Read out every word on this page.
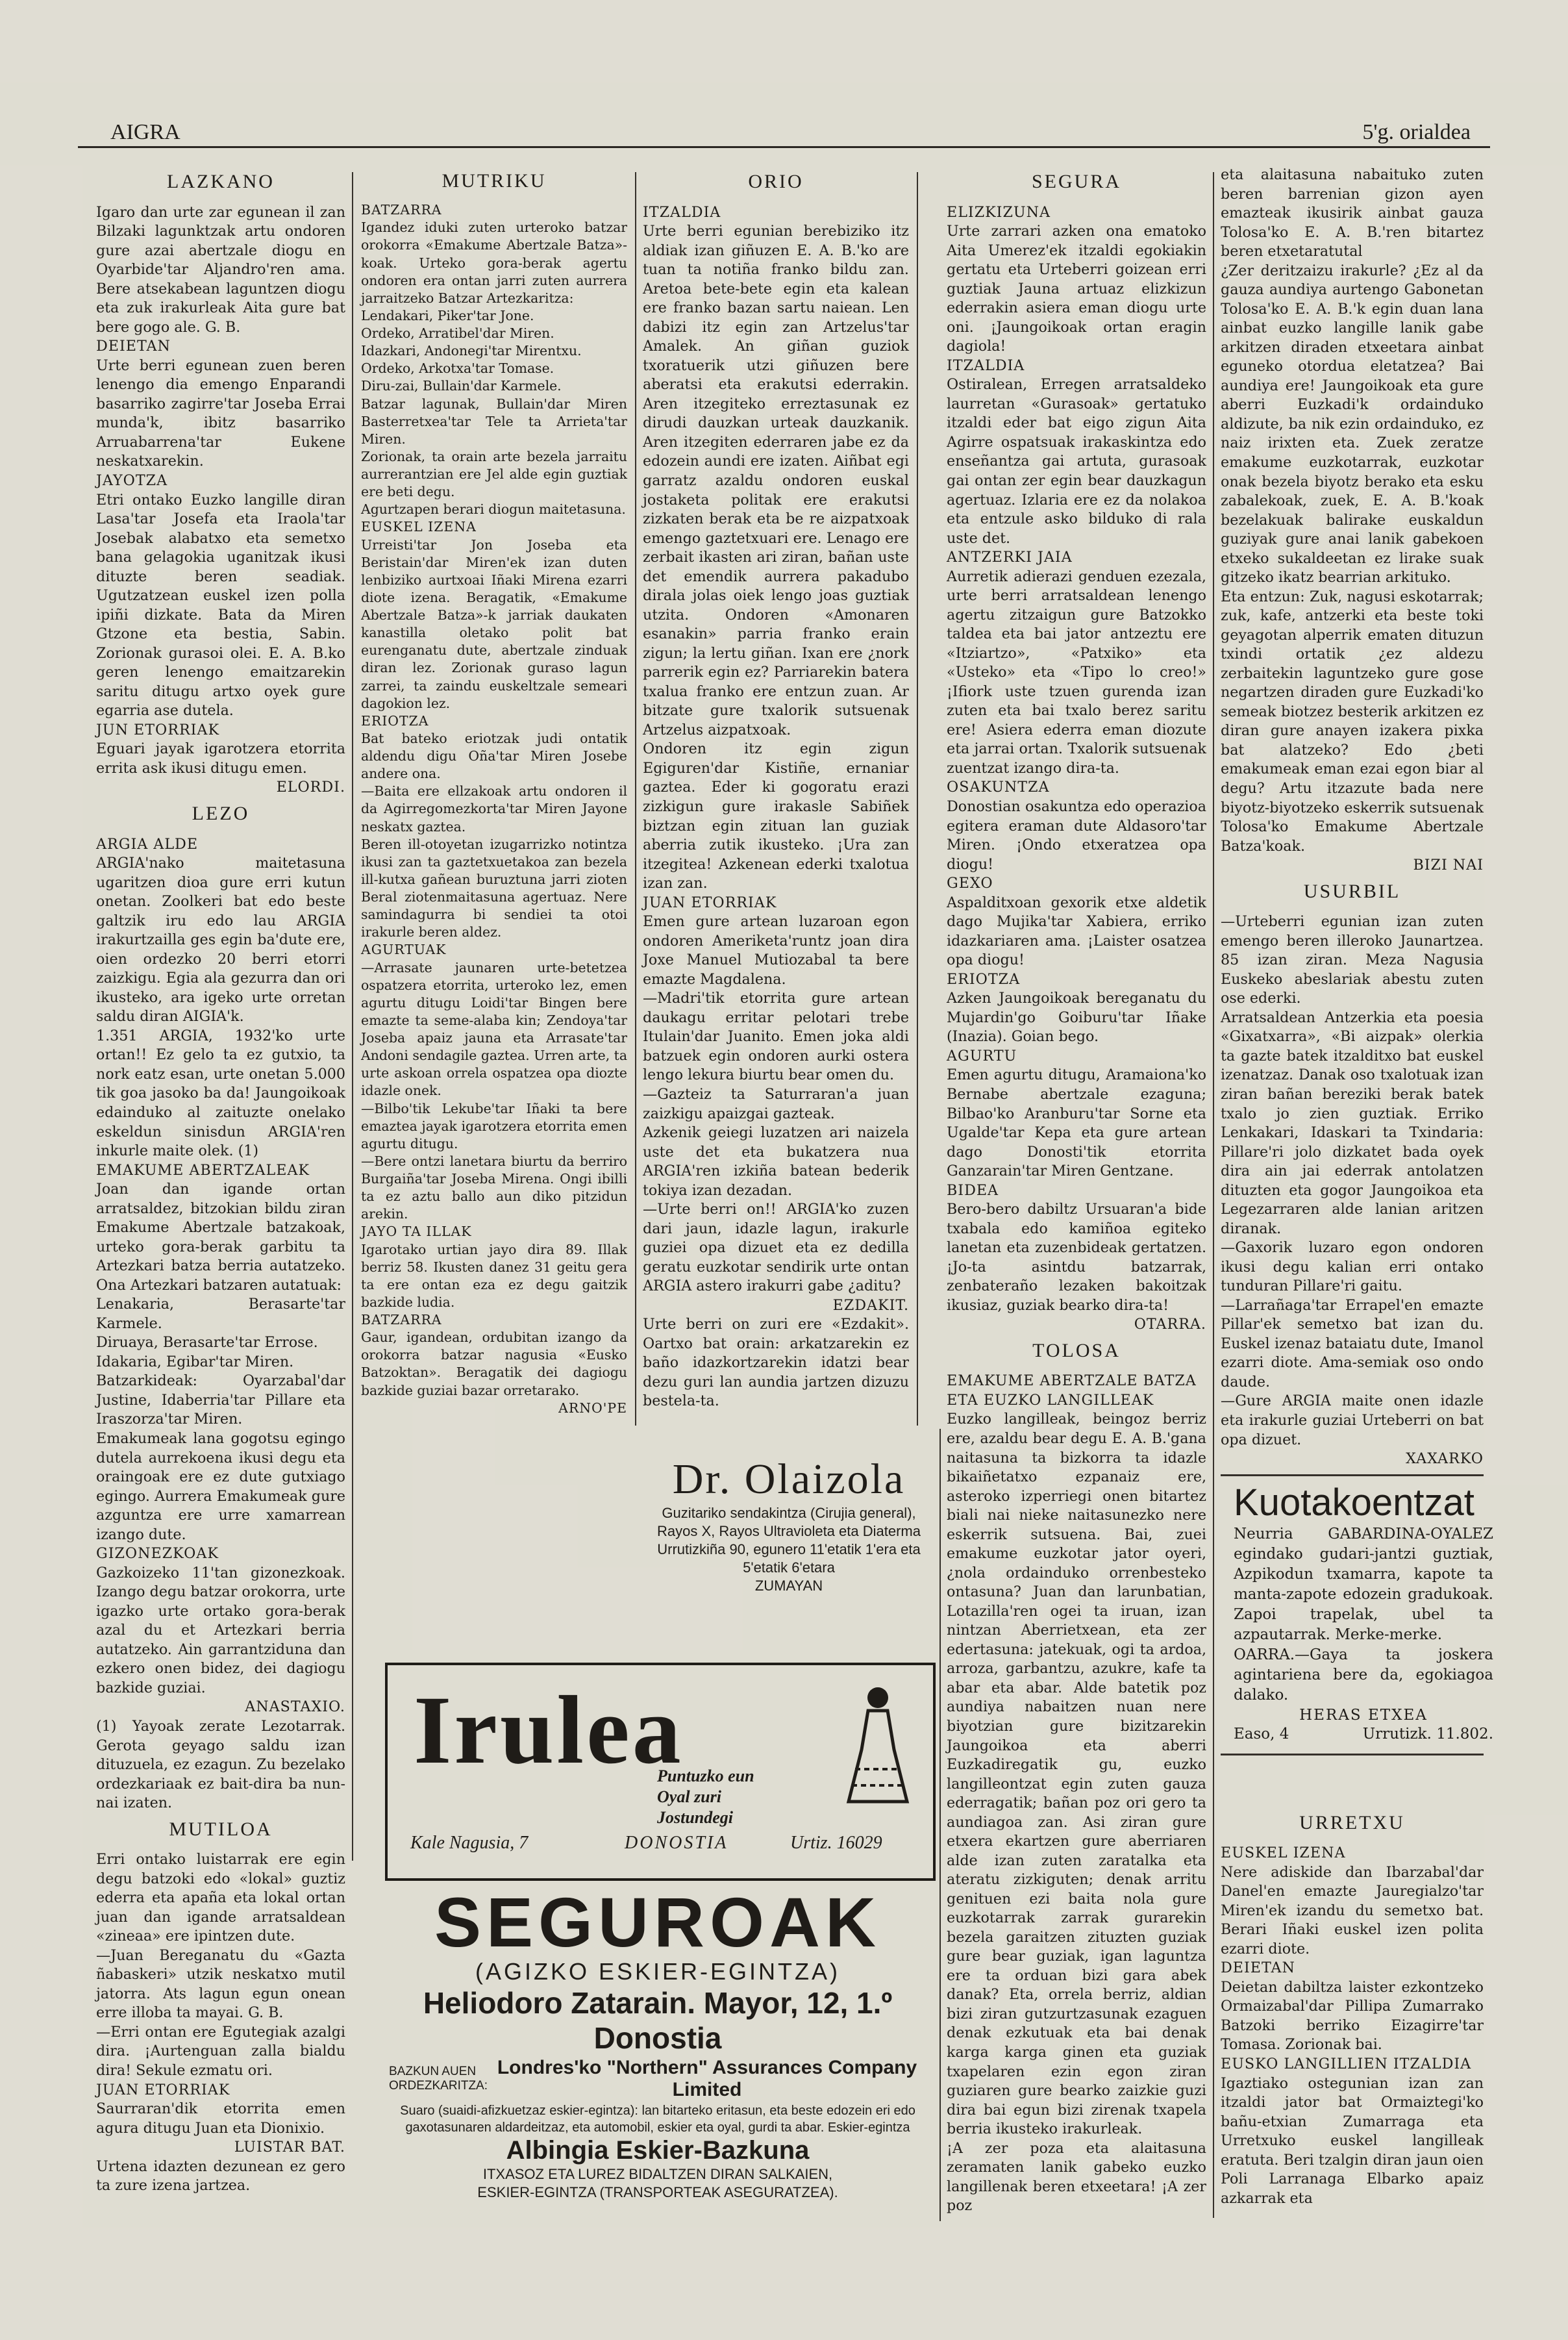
AIGRA	5'g. orialdea

LAZKANO

Igaro dan urte zar egunean il zan Bilzaki lagunktzak artu ondoren gure azai abertzale diogu en Oyarbide'tar Aljandro'ren ama. Bere atsekabean laguntzen diogu eta zuk irakurleak Aita gure bat bere gogo ale. G. B.

DEIETAN

Urte berri egunean zuen beren lenengo dia emengo Enparandi basarriko zagirre'tar Joseba Errai munda'k, ibitz basarriko Arruabarrena'tar Eukene neskatxarekin.

JAYOTZA

Etri ontako Euzko langille diran Lasa'tar Josefa eta Iraola'tar Josebak alabatxo eta semetxo bana gelagokia uganitzak ikusi dituzte beren seadiak. Ugutzatzean euskel izen polla ipiñi dizkate. Bata da Miren Gtzone eta bestia, Sabin. Zorionak gurasoi olei. E. A. B.ko geren lenengo emaitzarekin saritu ditugu artxo oyek gure egarria ase dutela.

JUN ETORRIAK

Eguari jayak igarotzera etorrita errita ask ikusi ditugu emen.

ELORDI.

LEZO

ARGIA ALDE

ARGIA'nako maitetasuna ugaritzen dioa gure erri kutun onetan. Zoolkeri bat edo beste galtzik iru edo lau ARGIA irakurtzailla ges egin ba'dute ere, oien ordezko 20 berri etorri zaizkigu. Egia ala gezurra dan ori ikusteko, ara igeko urte orretan saldu diran AIGIA'k.

1.351 ARGIA, 1932'ko urte ortan!! Ez gelo ta ez gutxio, ta nork eatz esan, urte onetan 5.000 tik goa jasoko ba da! Jaungoikoak edainduko al zaituzte onelako eskeldun sinisdun ARGIA'ren inkurle maite olek. (1)

EMAKUME ABERTZALEAK

Joan dan igande ortan arratsaldez, bitzokian bildu ziran Emakume Abertzale batzakoak, urteko gora-berak garbitu ta Artezkari batza berria autatzeko. Ona Artezkari batzaren autatuak:

Lenakaria, Berasarte'tar Karmele.

Diruaya, Berasarte'tar Errose.

Idakaria, Egibar'tar Miren.

Batzarkideak: Oyarzabal'dar Justine, Idaberria'tar Pillare eta Iraszorza'tar Miren.

Emakumeak lana gogotsu egingo dutela aurrekoena ikusi degu eta oraingoak ere ez dute gutxiago egingo. Aurrera Emakumeak gure azguntza ere urre xamarrean izango dute.

GIZONEZKOAK

Gazkoizeko 11'tan gizonezkoak. Izango degu batzar orokorra, urte igazko urte ortako gora-berak azal du et Artezkari berria autatzeko. Ain garrantziduna dan ezkero onen bidez, dei dagiogu bazkide guziai.

ANASTAXIO.

(1) Yayoak zerate Lezotarrak. Gerota geyago saldu izan dituzuela, ez ezagun. Zu bezelako ordezkariaak ez bait-dira ba nun-nai izaten.

MUTILOA

Erri ontako luistarrak ere egin degu batzoki edo «lokal» guztiz ederra eta apaña eta lokal ortan juan dan igande arratsaldean «zineaa» ere ipintzen dute.

—Juan Bereganatu du «Gazta ñabaskeri» utzik neskatxo mutil jatorra. Ats lagun egun onean erre illoba ta mayai. G. B.

—Erri ontan ere Egutegiak azalgi dira. ¡Aurtenguan zalla bialdu dira! Sekule ezmatu ori.

JUAN ETORRIAK

Saurraran'dik etorrita emen agura ditugu Juan eta Dionixio.

LUISTAR BAT.

Urtena idazten dezunean ez gero ta zure izena jartzea.

MUTRIKU

BATZARRA

Igandez iduki zuten urteroko batzar orokorra «Emakume Abertzale Batza»-koak. Urteko gora-berak agertu ondoren era ontan jarri zuten aurrera jarraitzeko Batzar Artezkaritza:

Lendakari, Piker'tar Jone.

Ordeko, Arratibel'dar Miren.

Idazkari, Andonegi'tar Mirentxu.

Ordeko, Arkotxa'tar Tomase.

Diru-zai, Bullain'dar Karmele.

Batzar lagunak, Bullain'dar Miren Basterretxea'tar Tele ta Arrieta'tar Miren.

Zorionak, ta orain arte bezela jarraitu aurrerantzian ere Jel alde egin guztiak ere beti degu.

Agurtzapen berari diogun maitetasuna.

EUSKEL IZENA

Urreisti'tar Jon Joseba eta Beristain'dar Miren'ek izan duten lenbiziko aurtxoai Iñaki Mirena ezarri diote izena. Beragatik, «Emakume Abertzale Batza»-k jarriak daukaten kanastilla oletako polit bat eurenganatu dute, abertzale zinduak diran lez. Zorionak guraso lagun zarrei, ta zaindu euskeltzale semeari dagokion lez.

ERIOTZA

Bat bateko eriotzak judi ontatik aldendu digu Oña'tar Miren Josebe andere ona.

—Baita ere ellzakoak artu ondoren il da Agirregomezkorta'tar Miren Jayone neskatx gaztea.

Beren ill-otoyetan izugarrizko notintza ikusi zan ta gaztetxuetakoa zan bezela ill-kutxa gañean buruztuna jarri zioten Beral ziotenmaitasuna agertuaz. Nere samindagurra bi sendiei ta otoi irakurle beren aldez.

AGURTUAK

—Arrasate jaunaren urte-betetzea ospatzera etorrita, urteroko lez, emen agurtu ditugu Loidi'tar Bingen bere emazte ta seme-alaba kin; Zendoya'tar Joseba apaiz jauna eta Arrasate'tar Andoni sendagile gaztea. Urren arte, ta urte askoan orrela ospatzea opa diozte idazle onek.

—Bilbo'tik Lekube'tar Iñaki ta bere emaztea jayak igarotzera etorrita emen agurtu ditugu.

—Bere ontzi lanetara biurtu da berriro Burgaiña'tar Joseba Mirena. Ongi ibilli ta ez aztu ballo aun diko pitzidun arekin.

JAYO TA ILLAK

Igarotako urtian jayo dira 89. Illak berriz 58. Ikusten danez 31 geitu gera ta ere ontan eza ez degu gaitzik bazkide ludia.

BATZARRA

Gaur, igandean, ordubitan izango da orokorra batzar nagusia «Eusko Batzoktan». Beragatik dei dagiogu bazkide guziai bazar orretarako.

ARNO'PE

ORIO

ITZALDIA

Urte berri egunian berebiziko itz aldiak izan giñuzen E. A. B.'ko are tuan ta notiña franko bildu zan. Aretoa bete-bete egin eta kalean ere franko bazan sartu naiean. Len dabizi itz egin zan Artzelus'tar Amalek. An giñan guziok txoratuerik utzi giñuzen bere aberatsi eta erakutsi ederrakin. Aren itzegiteko erreztasunak ez dirudi dauzkan urteak dauzkanik. Aren itzegiten ederraren jabe ez da edozein aundi ere izaten. Aiñbat egi garratz azaldu ondoren euskal jostaketa politak ere erakutsi zizkaten berak eta be re aizpatxoak emengo gaztetxuari ere. Lenago ere zerbait ikasten ari ziran, bañan uste det emendik aurrera pakadubo dirala jolas oiek lengo joas guztiak utzita. Ondoren «Amonaren esanakin» parria franko erain zigun; la lertu giñan. Ixan ere ¿nork parrerik egin ez? Parriarekin batera txalua franko ere entzun zuan. Ar bitzate gure txalorik sutsuenak Artzelus aizpatxoak.

Ondoren itz egin zigun Egiguren'dar Kistiñe, ernaniar gaztea. Eder ki gogoratu erazi zizkigun gure irakasle Sabiñek biztzan egin zituan lan guziak aberria zutik ikusteko. ¡Ura zan itzegitea! Azkenean ederki txalotua izan zan.

JUAN ETORRIAK

Emen gure artean luzaroan egon ondoren Ameriketa'runtz joan dira Joxe Manuel Mutiozabal ta bere emazte Magdalena.

—Madri'tik etorrita gure artean daukagu erritar pelotari trebe Itulain'dar Juanito. Emen joka aldi batzuek egin ondoren aurki ostera lengo lekura biurtu bear omen du.

—Gazteiz ta Saturraran'a juan zaizkigu apaizgai gazteak.

Azkenik geiegi luzatzen ari naizela uste det eta bukatzera nua ARGIA'ren izkiña batean bederik tokiya izan dezadan.

—Urte berri on!! ARGIA'ko zuzen dari jaun, idazle lagun, irakurle guziei opa dizuet eta ez dedilla geratu euzkotar sendirik urte ontan ARGIA astero irakurri gabe ¿aditu?

EZDAKIT.

Urte berri on zuri ere «Ezdakit». Oartxo bat orain: arkatzarekin ez baño idazkortzarekin idatzi bear dezu guri lan aundia jartzen dizuzu bestela-ta.

SEGURA

ELIZKIZUNA

Urte zarrari azken ona ematoko Aita Umerez'ek itzaldi egokiakin gertatu eta Urteberri goizean erri guztiak Jauna artuaz elizkizun ederrakin asiera eman diogu urte oni. ¡Jaungoikoak ortan eragin dagiola!

ITZALDIA

Ostiralean, Erregen arratsaldeko laurretan «Gurasoak» gertatuko itzaldi eder bat eigo zigun Aita Agirre ospatsuak irakaskintza edo enseñantza gai artuta, gurasoak gai ontan zer egin bear dauzkagun agertuaz. Izlaria ere ez da nolakoa eta entzule asko bilduko di rala uste det.

ANTZERKI JAIA

Aurretik adierazi genduen ezezala, urte berri arratsaldean lenengo agertu zitzaigun gure Batzokko taldea eta bai jator antzeztu ere «Itziartzo», «Patxiko» eta «Usteko» eta «Tipo lo creo!» ¡Ifiork uste tzuen gurenda izan zuten eta bai txalo berez saritu ere! Asiera ederra eman diozute eta jarrai ortan. Txalorik sutsuenak zuentzat izango dira-ta.

OSAKUNTZA

Donostian osakuntza edo operazioa egitera eraman dute Aldasoro'tar Miren. ¡Ondo etxeratzea opa diogu!

GEXO

Aspalditxoan gexorik etxe aldetik dago Mujika'tar Xabiera, erriko idazkariaren ama. ¡Laister osatzea opa diogu!

ERIOTZA

Azken Jaungoikoak bereganatu du Mujardin'go Goiburu'tar Iñake (Inazia). Goian bego.

AGURTU

Emen agurtu ditugu, Aramaiona'ko Bernabe abertzale ezaguna; Bilbao'ko Aranburu'tar Sorne eta Ugalde'tar Kepa eta gure artean dago Donosti'tik etorrita Ganzarain'tar Miren Gentzane.

BIDEA

Bero-bero dabiltz Ursuaran'a bide txabala edo kamiñoa egiteko lanetan eta zuzenbideak gertatzen. ¡Jo-ta asintdu batzarrak, zenbateraño lezaken bakoitzak ikusiaz, guziak bearko dira-ta!

OTARRA.

TOLOSA

EMAKUME ABERTZALE BATZA ETA EUZKO LANGILLEAK

Euzko langilleak, beingoz berriz ere, azaldu bear degu E. A. B.'gana naitasuna ta bizkorra ta idazle bikaiñetatxo ezpanaiz ere, asteroko izperriegi onen bitartez biali nai nieke naitasunezko nere eskerrik sutsuena. Bai, zuei emakume euzkotar jator oyeri, ¿nola ordainduko orrenbesteko ontasuna? Juan dan larunbatian, Lotazilla'ren ogei ta iruan, izan nintzan Aberrietxean, eta zer edertasuna: jatekuak, ogi ta ardoa, arroza, garbantzu, azukre, kafe ta abar eta abar. Alde batetik poz aundiya nabaitzen nuan nere biyotzian gure bizitzarekin Jaungoikoa eta aberri Euzkadiregatik gu, euzko langilleontzat egin zuten gauza ederragatik; bañan poz ori gero ta aundiagoa zan. Asi ziran gure etxera ekartzen gure aberriaren alde izan zuten zaratalka eta ateratu zizkiguten; denak arritu genituen ezi baita nola gure euzkotarrak zarrak gurarekin bezela garaitzen zituzten guziak gure bear guziak, igan laguntza ere ta orduan bizi gara abek danak? Eta, orrela berriz, aldian bizi ziran gutzurtzasunak ezaguen denak ezkutuak eta bai denak karga karga ginen eta guziak txapelaren ezin egon ziran guziaren gure bearko zaizkie guzi dira bai egun bizi zirenak txapela berria ikusteko irakurleak.

¡A zer poza eta alaitasuna zeramaten lanik gabeko euzko langillenak beren etxeetara! ¡A zer poz

eta alaitasuna nabaituko zuten beren barrenian gizon ayen emazteak ikusirik ainbat gauza Tolosa'ko E. A. B.'ren bitartez beren etxetaratutal

¿Zer deritzaizu irakurle? ¿Ez al da gauza aundiya aurtengo Gabonetan Tolosa'ko E. A. B.'k egin duan lana ainbat euzko langille lanik gabe arkitzen diraden etxeetara ainbat eguneko otordua eletatzea? Bai aundiya ere! Jaungoikoak eta gure aberri Euzkadi'k ordainduko aldizute, ba nik ezin ordainduko, ez naiz irixten eta. Zuek zeratze emakume euzkotarrak, euzkotar onak bezela biyotz berako eta esku zabalekoak, zuek, E. A. B.'koak bezelakuak balirake euskaldun guziyak gure anai lanik gabekoen etxeko sukaldeetan ez lirake suak gitzeko ikatz bearrian arkituko.

Eta entzun: Zuk, nagusi eskotarrak; zuk, kafe, antzerki eta beste toki geyagotan alperrik ematen dituzun txindi ortatik ¿ez aldezu zerbaitekin laguntzeko gure gose negartzen diraden gure Euzkadi'ko semeak biotzez besterik arkitzen ez diran gure anayen izakera pixka bat alatzeko? Edo ¿beti emakumeak eman ezai egon biar al degu? Artu itzazute bada nere biyotz-biyotzeko eskerrik sutsuenak Tolosa'ko Emakume Abertzale Batza'koak.

BIZI NAI

USURBIL

—Urteberri egunian izan zuten emengo beren illeroko Jaunartzea. 85 izan ziran. Meza Nagusia Euskeko abeslariak abestu zuten ose ederki.

Arratsaldean Antzerkia eta poesia «Gixatxarra», «Bi aizpak» olerkia ta gazte batek itzalditxo bat euskel izenatzaz. Danak oso txalotuak izan ziran bañan bereziki berak batek txalo jo zien guztiak. Erriko Lenkakari, Idaskari ta Txindaria: Pillare'ri jolo dizkatet bada oyek dira ain jai ederrak antolatzen dituzten eta gogor Jaungoikoa eta Legezarraren alde lanian aritzen diranak.

—Gaxorik luzaro egon ondoren ikusi degu kalian erri ontako tunduran Pillare'ri gaitu.

—Larrañaga'tar Errapel'en emazte Pillar'ek semetxo bat izan du. Euskel izenaz bataiatu dute, Imanol ezarri diote. Ama-semiak oso ondo daude.

—Gure ARGIA maite onen idazle eta irakurle guziai Urteberri on bat opa dizuet.

XAXARKO

URRETXU

EUSKEL IZENA

Nere adiskide dan Ibarzabal'dar Danel'en emazte Jauregialzo'tar Miren'ek izandu du semetxo bat. Berari Iñaki euskel izen polita ezarri diote.

DEIETAN

Deietan dabiltza laister ezkontzeko Ormaizabal'dar Pillipa Zumarrako Batzoki berriko Eizagirre'tar Tomasa. Zorionak bai.

EUSKO LANGILLIEN ITZALDIA

Igaztiako ostegunian izan zan itzaldi jator bat Ormaiztegi'ko bañu-etxian Zumarraga eta Urretxuko euskel langilleak eratuta. Beri tzalgin diran jaun oien Poli Larranaga Elbarko apaiz azkarrak eta

Dr. Olaizola
Guzitariko sendakintza (Cirujia general), Rayos X, Rayos Ultravioleta eta Diaterma
Urrutizkiña 90, egunero 11'etatik 1'era eta 5'etatik 6'etara
ZUMAYAN
Irulea
Puntuzko eun
Oyal zuri
Jostundegi
Kale Nagusia, 7	DONOSTIA	Urtiz. 16029
SEGUROAK
(AGIZKO ESKIER-EGINTZA)
Heliodoro Zatarain. Mayor, 12, 1.º Donostia
BAZKUN AUEN
ORDEZKARITZA:
Londres'ko "Northern" Assurances Company Limited
Suaro (suaidi-afizkuetzaz eskier-egintza): lan bitarteko eritasun, eta beste edozein eri edo gaxotasunaren aldardeitzaz, eta automobil, eskier eta oyal, gurdi ta abar. Eskier-egintza
Albingia Eskier-Bazkuna
ITXASOZ ETA LUREZ BIDALTZEN DIRAN SALKAIEN,
ESKIER-EGINTZA (TRANSPORTEAK ASEGURATZEA).
Kuotakoentzat
Neurria GABARDINA-OYALEZ egindako gudari-jantzi guztiak, Azpikodun txamarra, kapote ta manta-zapote edozein gradukoak. Zapoi trapelak, ubel ta azpautarrak. Merke-merke.
OARRA.—Gaya ta joskera agintariena bere da, egokiagoa dalako.
HERAS ETXEA
Easo, 4	Urrutizk. 11.802.
